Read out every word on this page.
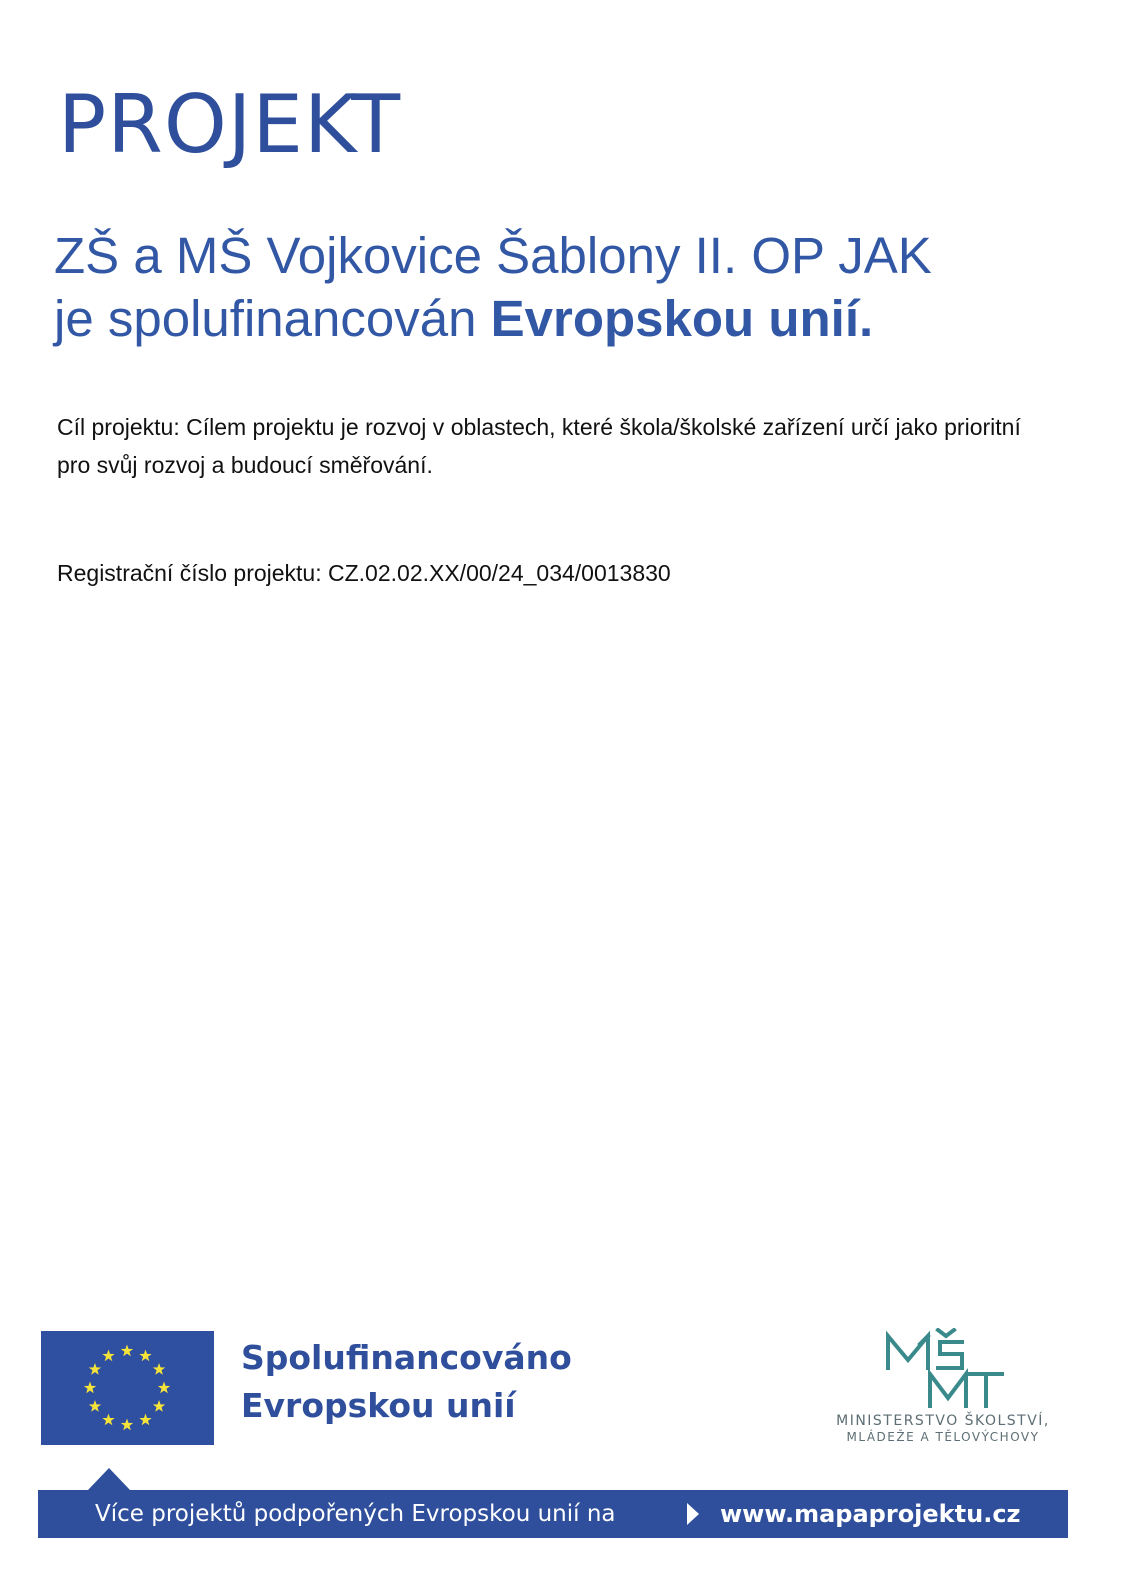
PROJEKT
ZŠ a MŠ Vojkovice Šablony II. OP JAK
je spolufinancován Evropskou unií.

Cíl projektu: Cílem projektu je rozvoj v oblastech, které škola/školské zařízení určí jako prioritní pro svůj rozvoj a budoucí směřování.

Registrační číslo projektu: CZ.02.02.XX/00/24_034/0013830

Spolufinancováno
Evropskou unií	MINISTERSTVO ŠKOLSTVÍ,
MLÁDEŽE A TĚLOVÝCHOVY
Více projektů podpořených Evropskou unií na	www.mapaprojektu.cz
